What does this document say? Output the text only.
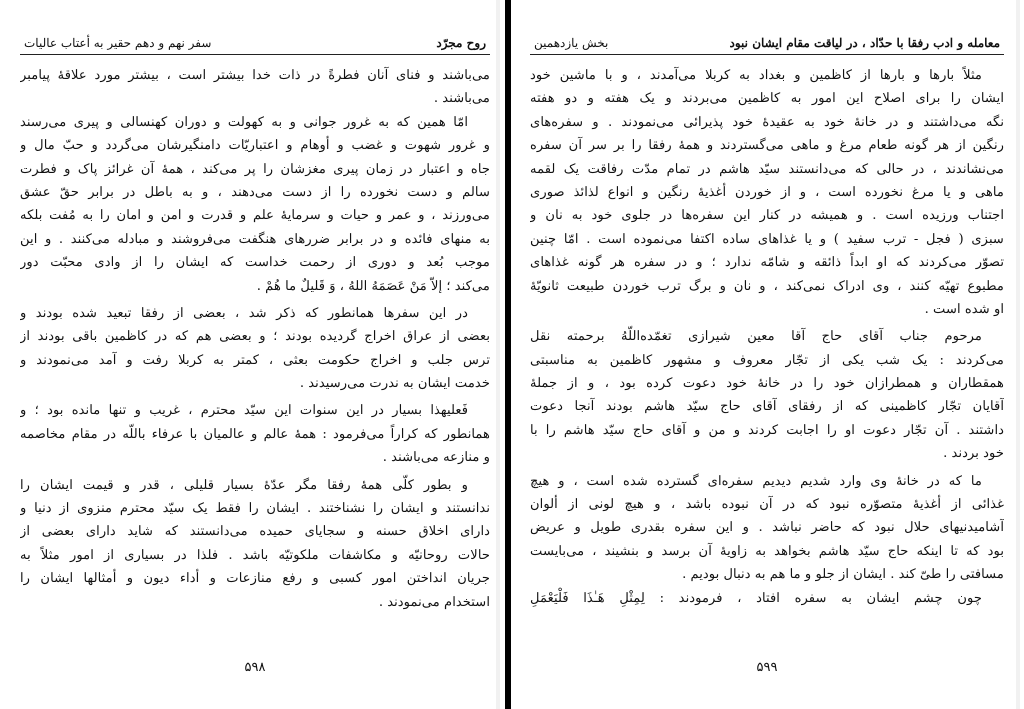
روح مجرّد
سفر نهم و دهم حقیر به أعتاب عالیات
می‌باشند و فنای آنان فطرةً در ذات خدا بیشتر است ، بیشتر مورد علاقهٔ پیامبر
می‌باشند .
امّا همین که به غرور جوانی و به کهولت و دوران کهنسالی و پیری می‌رسند
و غرور شهوت و غضب و أوهام و اعتباریّات دامنگیرشان می‌گردد و حبّ مال و
جاه و اعتبار در زمان پیری مغزشان را پر می‌کند ، همهٔ آن غرائز پاک و فطرت
سالم و دست نخورده را از دست می‌دهند ، و به باطل در برابر حقّ عشق
می‌ورزند ، و عمر و حیات و سرمایهٔ علم و قدرت و امن و امان را به مُفت بلکه
به منهای فائده و در برابر ضررهای هنگفت می‌فروشند و مبادله می‌کنند . و این
موجب بُعد و دوری از رحمت خداست که ایشان را از وادی محبّت دور
می‌کند ؛ إلاّ مَنْ عَصَمَهُ اللهُ ، وَ قَلیلٌ ما هُمْ .
در این سفرها همانطور که ذکر شد ، بعضی از رفقا تبعید شده بودند و
بعضی از عراق اخراج گردیده بودند ؛ و بعضی هم که در کاظمین باقی بودند از
ترس جلب و اخراج حکومت بعثی ، کمتر به کربلا رفت و آمد می‌نمودند و
خدمت ایشان به ندرت می‌رسیدند .
فَعلیهذا بسیار در این سنوات این سیّد محترم ، غریب و تنها مانده بود ؛ و
همانطور که کراراً می‌فرمود : همهٔ عالم و عالمیان با عرفاء باللّه در مقام مخاصمه
و منازعه می‌باشند .
و بطور کلّی همهٔ رفقا مگر عدّهٔ بسیار قلیلی ، قدر و قیمت ایشان را
ندانستند و ایشان را نشناختند . ایشان را فقط یک سیّد محترم منزوی از دنیا و
دارای اخلاق حسنه و سجایای حمیده می‌دانستند که شاید دارای بعضی از
حالات روحانیّه و مکاشفات ملکوتیّه باشد . فلذا در بسیاری از امور مثلاً به
جریان انداختن امور کسبی و رفع منازعات و أداء دیون و أمثالها ایشان را
استخدام می‌نمودند .
۵۹۸
معامله و ادب رفقا با حدّاد ، در لیاقت مقام ایشان نبود
بخش یازدهمین
مثلاً بارها و بارها از کاظمین و بغداد به کربلا می‌آمدند ، و با ماشین خود
ایشان را برای اصلاح این امور به کاظمین می‌بردند و یک هفته و دو هفته
نگه می‌داشتند و در خانهٔ خود به عقیدهٔ خود پذیرائی می‌نمودند . و سفره‌های
رنگین از هر گونه طعام مرغ و ماهی می‌گستردند و همهٔ رفقا را بر سر آن سفره
می‌نشاندند ، در حالی که می‌دانستند سیّد هاشم در تمام مدّت رفاقت یک لقمه
ماهی و یا مرغ نخورده است ، و از خوردن أغذیهٔ رنگین و انواع لذائذ صوری
اجتناب ورزیده است . و همیشه در کنار این سفره‌ها در جلوی خود به نان و
سبزی ( فجل - ترب سفید ) و یا غذاهای ساده اکتفا می‌نموده است . امّا چنین
تصوّر می‌کردند که او ابداً ذائقه و شامّه ندارد ؛ و در سفره هر گونه غذاهای
مطبوع تهیّه کنند ، وی ادراک نمی‌کند ، و نان و برگ ترب خوردن طبیعت ثانویّهٔ
او شده است .
مرحوم جناب آقای حاج آقا معین شیرازی تغمّده‌اللّهُ برحمته نقل
می‌کردند : یک شب یکی از تجّار معروف و مشهور کاظمین به مناسبتی
همقطاران و همطرازان خود را در خانهٔ خود دعوت کرده بود ، و از جملهٔ
آقایان تجّار کاظمینی که از رفقای آقای حاج سیّد هاشم بودند آنجا دعوت
داشتند . آن تجّار دعوت او را اجابت کردند و من و آقای حاج سیّد هاشم را با
خود بردند .
ما که در خانهٔ وی وارد شدیم دیدیم سفره‌ای گسترده شده است ، و هیچ
غذائی از أغذیهٔ متصوّره نبود که در آن نبوده باشد ، و هیچ لونی از ألوان
آشامیدنیهای حلال نبود که حاضر نباشد . و این سفره بقدری طویل و عریض
بود که تا اینکه حاج سیّد هاشم بخواهد به زاویهٔ آن برسد و بنشیند ، می‌بایست
مسافتی را طیّ کند . ایشان از جلو و ما هم به دنبال بودیم .
چون چشم ایشان به سفره افتاد ، فرمودند : لِمِثْلِ هَـٰذَا فَلْیَعْمَلِ
۵۹۹
